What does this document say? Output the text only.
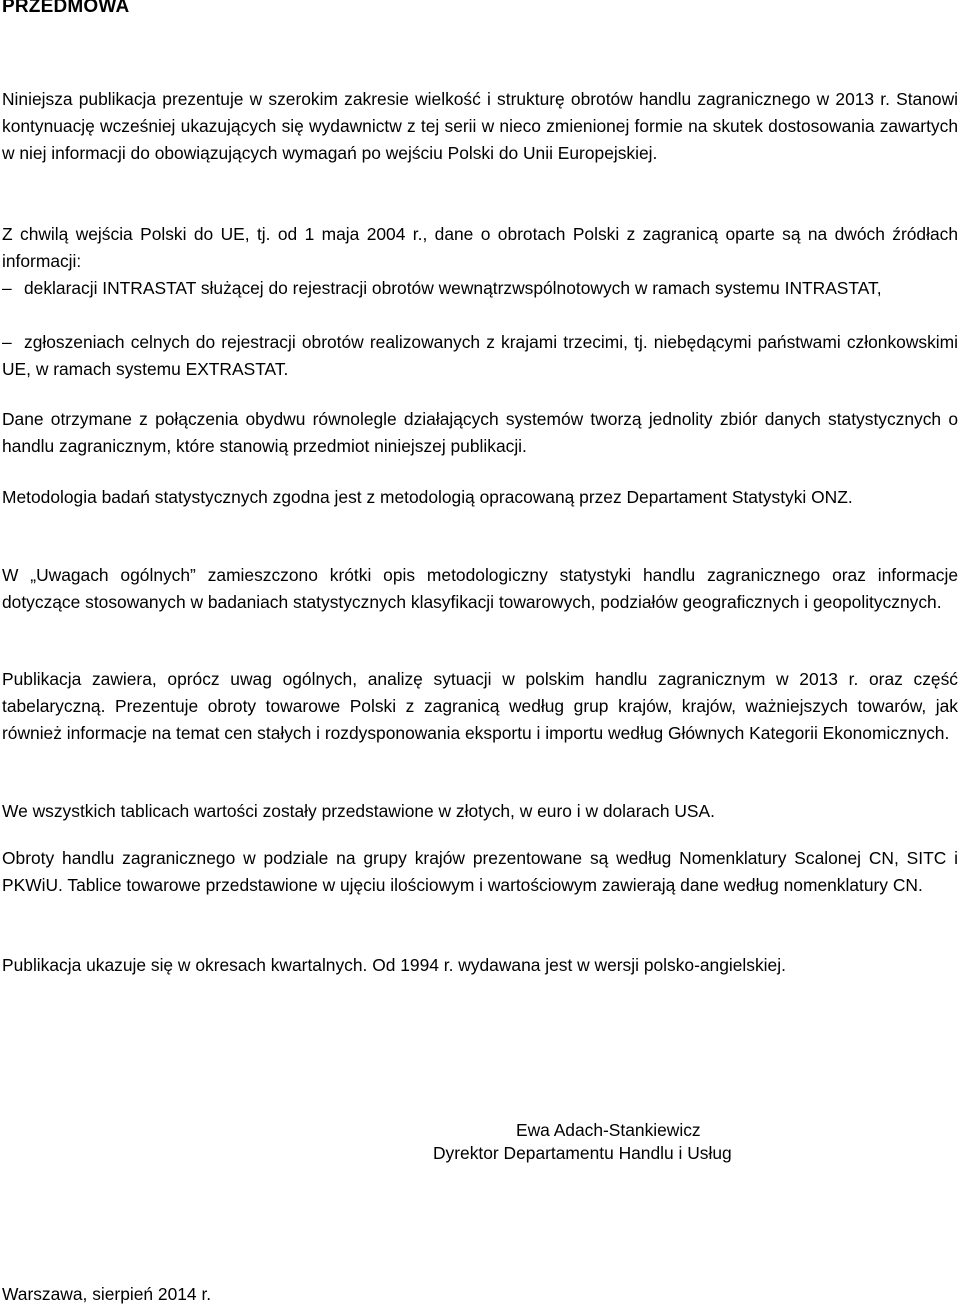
PRZEDMOWA

Niniejsza publikacja prezentuje w szerokim zakresie wielkość i strukturę obrotów handlu zagranicznego w 2013 r. Stanowi kontynuację wcześniej ukazujących się wydawnictw z tej serii w nieco zmienionej formie na skutek dostosowania zawartych w niej informacji do obowiązujących wymagań po wejściu Polski do Unii Europejskiej.

Z chwilą wejścia Polski do UE, tj. od 1 maja 2004 r., dane o obrotach Polski z zagranicą oparte są na dwóch źródłach informacji:

– deklaracji INTRASTAT służącej do rejestracji obrotów wewnątrzwspólnotowych w ramach systemu INTRASTAT,

– zgłoszeniach celnych do rejestracji obrotów realizowanych z krajami trzecimi, tj. niebędącymi państwami członkowskimi UE, w ramach systemu EXTRASTAT.

Dane otrzymane z połączenia obydwu równolegle działających systemów tworzą jednolity zbiór danych statystycznych o handlu zagranicznym, które stanowią przedmiot niniejszej publikacji.

Metodologia badań statystycznych zgodna jest z metodologią opracowaną przez Departament Statystyki ONZ.

W „Uwagach ogólnych” zamieszczono krótki opis metodologiczny statystyki handlu zagranicznego oraz informacje dotyczące stosowanych w badaniach statystycznych klasyfikacji towarowych, podziałów geograficznych i geopolitycznych.

Publikacja zawiera, oprócz uwag ogólnych, analizę sytuacji w polskim handlu zagranicznym w 2013 r. oraz część tabelaryczną. Prezentuje obroty towarowe Polski z zagranicą według grup krajów, krajów, ważniejszych towarów, jak również informacje na temat cen stałych i rozdysponowania eksportu i importu według Głównych Kategorii Ekonomicznych.

We wszystkich tablicach wartości zostały przedstawione w złotych, w euro i w dolarach USA.

Obroty handlu zagranicznego w podziale na grupy krajów prezentowane są według Nomenklatury Scalonej CN, SITC i PKWiU. Tablice towarowe przedstawione w ujęciu ilościowym i wartościowym zawierają dane według nomenklatury CN.

Publikacja ukazuje się w okresach kwartalnych. Od 1994 r. wydawana jest w wersji polsko-angielskiej.

Ewa Adach-Stankiewicz
Dyrektor Departamentu Handlu i Usług
Warszawa, sierpień 2014 r.
